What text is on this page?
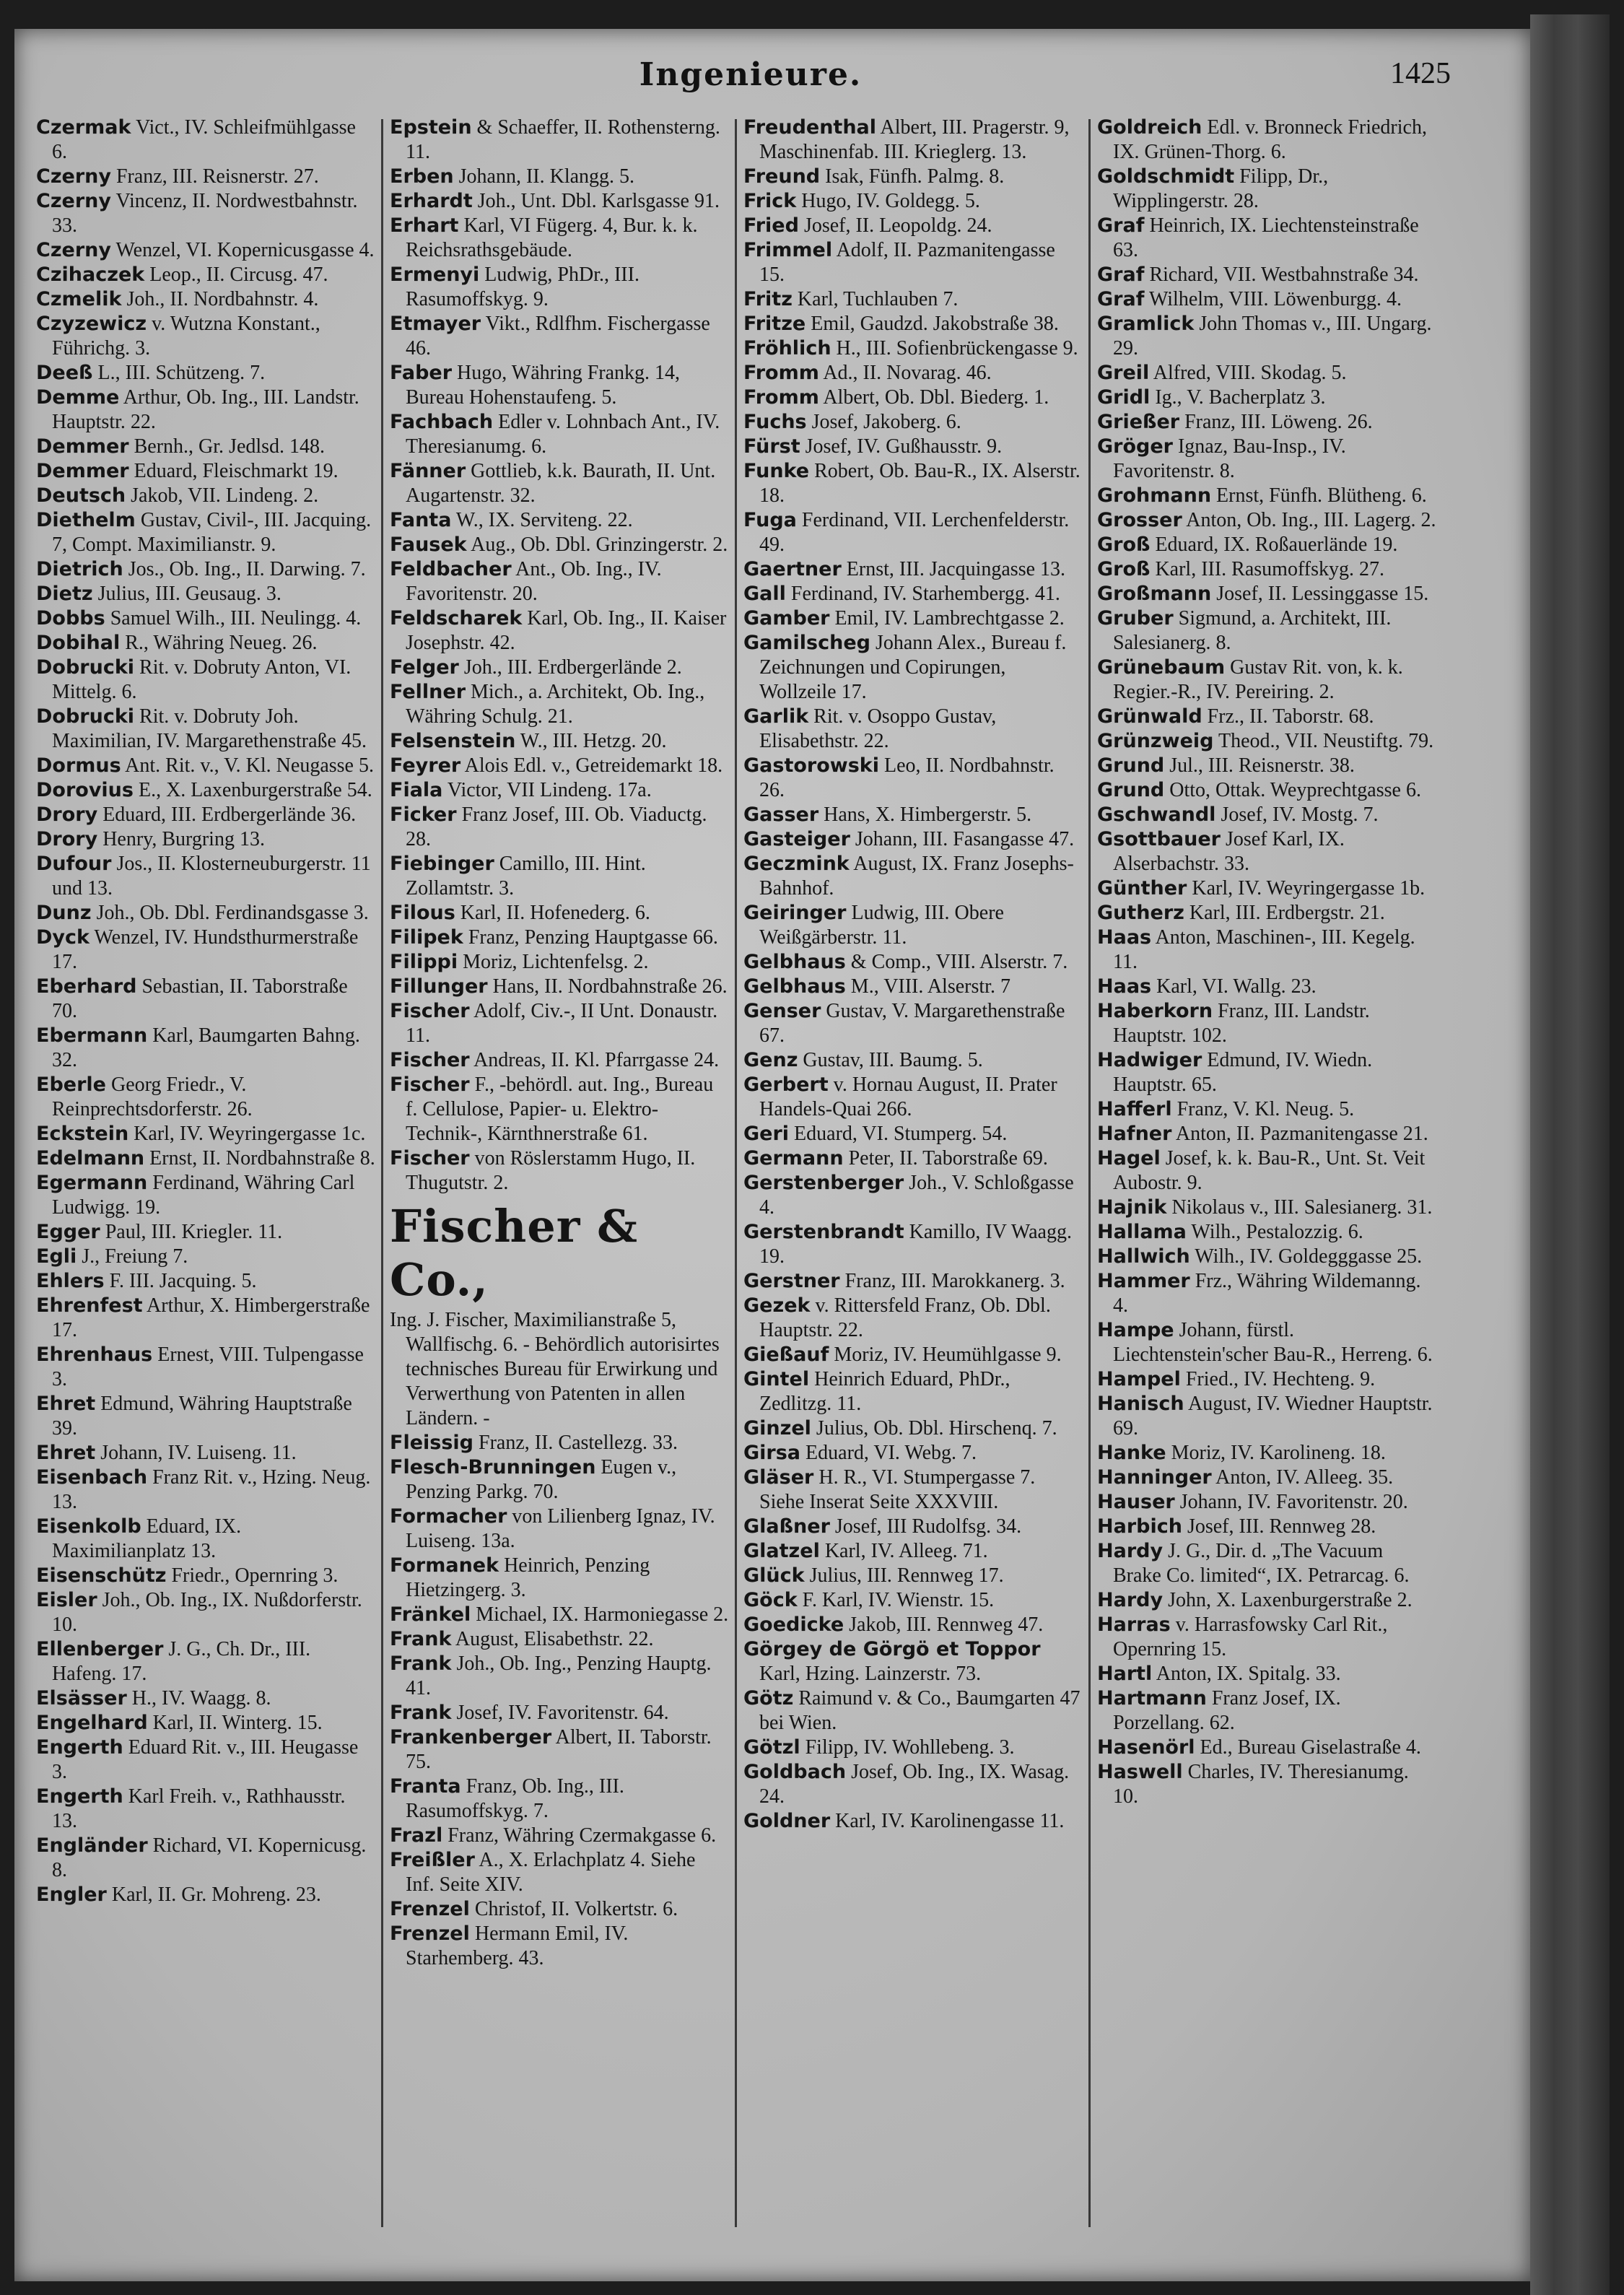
Ingenieure.	1425
Czermak Vict., IV. Schleifmühlgasse 6.
Czerny Franz, III. Reisnerstr. 27.
Czerny Vincenz, II. Nordwestbahnstr. 33.
Czerny Wenzel, VI. Kopernicusgasse 4.
Czihaczek Leop., II. Circusg. 47.
Czmelik Joh., II. Nordbahnstr. 4.
Czyzewicz v. Wutzna Konstant., Führichg. 3.
Deeß L., III. Schützeng. 7.
Demme Arthur, Ob. Ing., III. Landstr. Hauptstr. 22.
Demmer Bernh., Gr. Jedlsd. 148.
Demmer Eduard, Fleischmarkt 19.
Deutsch Jakob, VII. Lindeng. 2.
Diethelm Gustav, Civil-, III. Jacquing. 7, Compt. Maximilianstr. 9.
Dietrich Jos., Ob. Ing., II. Darwing. 7.
Dietz Julius, III. Geusaug. 3.
Dobbs Samuel Wilh., III. Neulingg. 4.
Dobihal R., Währing Neueg. 26.
Dobrucki Rit. v. Dobruty Anton, VI. Mittelg. 6.
Dobrucki Rit. v. Dobruty Joh. Maximilian, IV. Margarethenstraße 45.
Dormus Ant. Rit. v., V. Kl. Neugasse 5.
Dorovius E., X. Laxenburgerstraße 54.
Drory Eduard, III. Erdbergerlände 36.
Drory Henry, Burgring 13.
Dufour Jos., II. Klosterneuburgerstr. 11 und 13.
Dunz Joh., Ob. Dbl. Ferdinandsgasse 3.
Dyck Wenzel, IV. Hundsthurmerstraße 17.
Eberhard Sebastian, II. Taborstraße 70.
Ebermann Karl, Baumgarten Bahng. 32.
Eberle Georg Friedr., V. Reinprechtsdorferstr. 26.
Eckstein Karl, IV. Weyringergasse 1c.
Edelmann Ernst, II. Nordbahnstraße 8.
Egermann Ferdinand, Währing Carl Ludwigg. 19.
Egger Paul, III. Kriegler. 11.
Egli J., Freiung 7.
Ehlers F. III. Jacquing. 5.
Ehrenfest Arthur, X. Himbergerstraße 17.
Ehrenhaus Ernest, VIII. Tulpengasse 3.
Ehret Edmund, Währing Hauptstraße 39.
Ehret Johann, IV. Luiseng. 11.
Eisenbach Franz Rit. v., Hzing. Neug. 13.
Eisenkolb Eduard, IX. Maximilianplatz 13.
Eisenschütz Friedr., Opernring 3.
Eisler Joh., Ob. Ing., IX. Nußdorferstr. 10.
Ellenberger J. G., Ch. Dr., III. Hafeng. 17.
Elsässer H., IV. Waagg. 8.
Engelhard Karl, II. Winterg. 15.
Engerth Eduard Rit. v., III. Heugasse 3.
Engerth Karl Freih. v., Rathhausstr. 13.
Engländer Richard, VI. Kopernicusg. 8.
Engler Karl, II. Gr. Mohreng. 23.
Epstein & Schaeffer, II. Rothensterng. 11.
Erben Johann, II. Klangg. 5.
Erhardt Joh., Unt. Dbl. Karlsgasse 91.
Erhart Karl, VI Fügerg. 4, Bur. k. k. Reichsrathsgebäude.
Ermenyi Ludwig, PhDr., III. Rasumoffskyg. 9.
Etmayer Vikt., Rdlfhm. Fischergasse 46.
Faber Hugo, Währing Frankg. 14, Bureau Hohenstaufeng. 5.
Fachbach Edler v. Lohnbach Ant., IV. Theresianumg. 6.
Fänner Gottlieb, k.k. Baurath, II. Unt. Augartenstr. 32.
Fanta W., IX. Serviteng. 22.
Fausek Aug., Ob. Dbl. Grinzingerstr. 2.
Feldbacher Ant., Ob. Ing., IV. Favoritenstr. 20.
Feldscharek Karl, Ob. Ing., II. Kaiser Josephstr. 42.
Felger Joh., III. Erdbergerlände 2.
Fellner Mich., a. Architekt, Ob. Ing., Währing Schulg. 21.
Felsenstein W., III. Hetzg. 20.
Feyrer Alois Edl. v., Getreidemarkt 18.
Fiala Victor, VII Lindeng. 17a.
Ficker Franz Josef, III. Ob. Viaductg. 28.
Fiebinger Camillo, III. Hint. Zollamtstr. 3.
Filous Karl, II. Hofenederg. 6.
Filipek Franz, Penzing Hauptgasse 66.
Filippi Moriz, Lichtenfelsg. 2.
Fillunger Hans, II. Nordbahnstraße 26.
Fischer Adolf, Civ.-, II Unt. Donaustr. 11.
Fischer Andreas, II. Kl. Pfarrgasse 24.
Fischer F., -behördl. aut. Ing., Bureau f. Cellulose, Papier- u. Elektro-Technik-, Kärnthnerstraße 61.
Fischer von Röslerstamm Hugo, II. Thugutstr. 2.
Fischer & Co.,
Ing. J. Fischer, Maximilianstraße 5, Wallfischg. 6. - Behördlich autorisirtes technisches Bureau für Erwirkung und Verwerthung von Patenten in allen Ländern. -
Fleissig Franz, II. Castellezg. 33.
Flesch-Brunningen Eugen v., Penzing Parkg. 70.
Formacher von Lilienberg Ignaz, IV. Luiseng. 13a.
Formanek Heinrich, Penzing Hietzingerg. 3.
Fränkel Michael, IX. Harmoniegasse 2.
Frank August, Elisabethstr. 22.
Frank Joh., Ob. Ing., Penzing Hauptg. 41.
Frank Josef, IV. Favoritenstr. 64.
Frankenberger Albert, II. Taborstr. 75.
Franta Franz, Ob. Ing., III. Rasumoffskyg. 7.
Frazl Franz, Währing Czermakgasse 6.
Freißler A., X. Erlachplatz 4. Siehe Inf. Seite XIV.
Frenzel Christof, II. Volkertstr. 6.
Frenzel Hermann Emil, IV. Starhemberg. 43.
Freudenthal Albert, III. Pragerstr. 9, Maschinenfab. III. Krieglerg. 13.
Freund Isak, Fünfh. Palmg. 8.
Frick Hugo, IV. Goldegg. 5.
Fried Josef, II. Leopoldg. 24.
Frimmel Adolf, II. Pazmanitengasse 15.
Fritz Karl, Tuchlauben 7.
Fritze Emil, Gaudzd. Jakobstraße 38.
Fröhlich H., III. Sofienbrückengasse 9.
Fromm Ad., II. Novarag. 46.
Fromm Albert, Ob. Dbl. Biederg. 1.
Fuchs Josef, Jakoberg. 6.
Fürst Josef, IV. Gußhausstr. 9.
Funke Robert, Ob. Bau-R., IX. Alserstr. 18.
Fuga Ferdinand, VII. Lerchenfelderstr. 49.
Gaertner Ernst, III. Jacquingasse 13.
Gall Ferdinand, IV. Starhembergg. 41.
Gamber Emil, IV. Lambrechtgasse 2.
Gamilscheg Johann Alex., Bureau f. Zeichnungen und Copirungen, Wollzeile 17.
Garlik Rit. v. Osoppo Gustav, Elisabethstr. 22.
Gastorowski Leo, II. Nordbahnstr. 26.
Gasser Hans, X. Himbergerstr. 5.
Gasteiger Johann, III. Fasangasse 47.
Geczmink August, IX. Franz Josephs-Bahnhof.
Geiringer Ludwig, III. Obere Weißgärberstr. 11.
Gelbhaus & Comp., VIII. Alserstr. 7.
Gelbhaus M., VIII. Alserstr. 7
Genser Gustav, V. Margarethenstraße 67.
Genz Gustav, III. Baumg. 5.
Gerbert v. Hornau August, II. Prater Handels-Quai 266.
Geri Eduard, VI. Stumperg. 54.
Germann Peter, II. Taborstraße 69.
Gerstenberger Joh., V. Schloßgasse 4.
Gerstenbrandt Kamillo, IV Waagg. 19.
Gerstner Franz, III. Marokkanerg. 3.
Gezek v. Rittersfeld Franz, Ob. Dbl. Hauptstr. 22.
Gießauf Moriz, IV. Heumühlgasse 9.
Gintel Heinrich Eduard, PhDr., Zedlitzg. 11.
Ginzel Julius, Ob. Dbl. Hirschenq. 7.
Girsa Eduard, VI. Webg. 7.
Gläser H. R., VI. Stumpergasse 7. Siehe Inserat Seite XXXVIII.
Glaßner Josef, III Rudolfsg. 34.
Glatzel Karl, IV. Alleeg. 71.
Glück Julius, III. Rennweg 17.
Göck F. Karl, IV. Wienstr. 15.
Goedicke Jakob, III. Rennweg 47.
Görgey de Görgö et Toppor Karl, Hzing. Lainzerstr. 73.
Götz Raimund v. & Co., Baumgarten 47 bei Wien.
Götzl Filipp, IV. Wohllebeng. 3.
Goldbach Josef, Ob. Ing., IX. Wasag. 24.
Goldner Karl, IV. Karolinengasse 11.
Goldreich Edl. v. Bronneck Friedrich, IX. Grünen-Thorg. 6.
Goldschmidt Filipp, Dr., Wipplingerstr. 28.
Graf Heinrich, IX. Liechtensteinstraße 63.
Graf Richard, VII. Westbahnstraße 34.
Graf Wilhelm, VIII. Löwenburgg. 4.
Gramlick John Thomas v., III. Ungarg. 29.
Greil Alfred, VIII. Skodag. 5.
Gridl Ig., V. Bacherplatz 3.
Grießer Franz, III. Löweng. 26.
Gröger Ignaz, Bau-Insp., IV. Favoritenstr. 8.
Grohmann Ernst, Fünfh. Blütheng. 6.
Grosser Anton, Ob. Ing., III. Lagerg. 2.
Groß Eduard, IX. Roßauerlände 19.
Groß Karl, III. Rasumoffskyg. 27.
Großmann Josef, II. Lessinggasse 15.
Gruber Sigmund, a. Architekt, III. Salesianerg. 8.
Grünebaum Gustav Rit. von, k. k. Regier.-R., IV. Pereiring. 2.
Grünwald Frz., II. Taborstr. 68.
Grünzweig Theod., VII. Neustiftg. 79.
Grund Jul., III. Reisnerstr. 38.
Grund Otto, Ottak. Weyprechtgasse 6.
Gschwandl Josef, IV. Mostg. 7.
Gsottbauer Josef Karl, IX. Alserbachstr. 33.
Günther Karl, IV. Weyringergasse 1b.
Gutherz Karl, III. Erdbergstr. 21.
Haas Anton, Maschinen-, III. Kegelg. 11.
Haas Karl, VI. Wallg. 23.
Haberkorn Franz, III. Landstr. Hauptstr. 102.
Hadwiger Edmund, IV. Wiedn. Hauptstr. 65.
Hafferl Franz, V. Kl. Neug. 5.
Hafner Anton, II. Pazmanitengasse 21.
Hagel Josef, k. k. Bau-R., Unt. St. Veit Aubostr. 9.
Hajnik Nikolaus v., III. Salesianerg. 31.
Hallama Wilh., Pestalozzig. 6.
Hallwich Wilh., IV. Goldegggasse 25.
Hammer Frz., Währing Wildemanng. 4.
Hampe Johann, fürstl. Liechtenstein'scher Bau-R., Herreng. 6.
Hampel Fried., IV. Hechteng. 9.
Hanisch August, IV. Wiedner Hauptstr. 69.
Hanke Moriz, IV. Karolineng. 18.
Hanninger Anton, IV. Alleeg. 35.
Hauser Johann, IV. Favoritenstr. 20.
Harbich Josef, III. Rennweg 28.
Hardy J. G., Dir. d. „The Vacuum Brake Co. limited“, IX. Petrarcag. 6.
Hardy John, X. Laxenburgerstraße 2.
Harras v. Harrasfowsky Carl Rit., Opernring 15.
Hartl Anton, IX. Spitalg. 33.
Hartmann Franz Josef, IX. Porzellang. 62.
Hasenörl Ed., Bureau Giselastraße 4.
Haswell Charles, IV. Theresianumg. 10.
